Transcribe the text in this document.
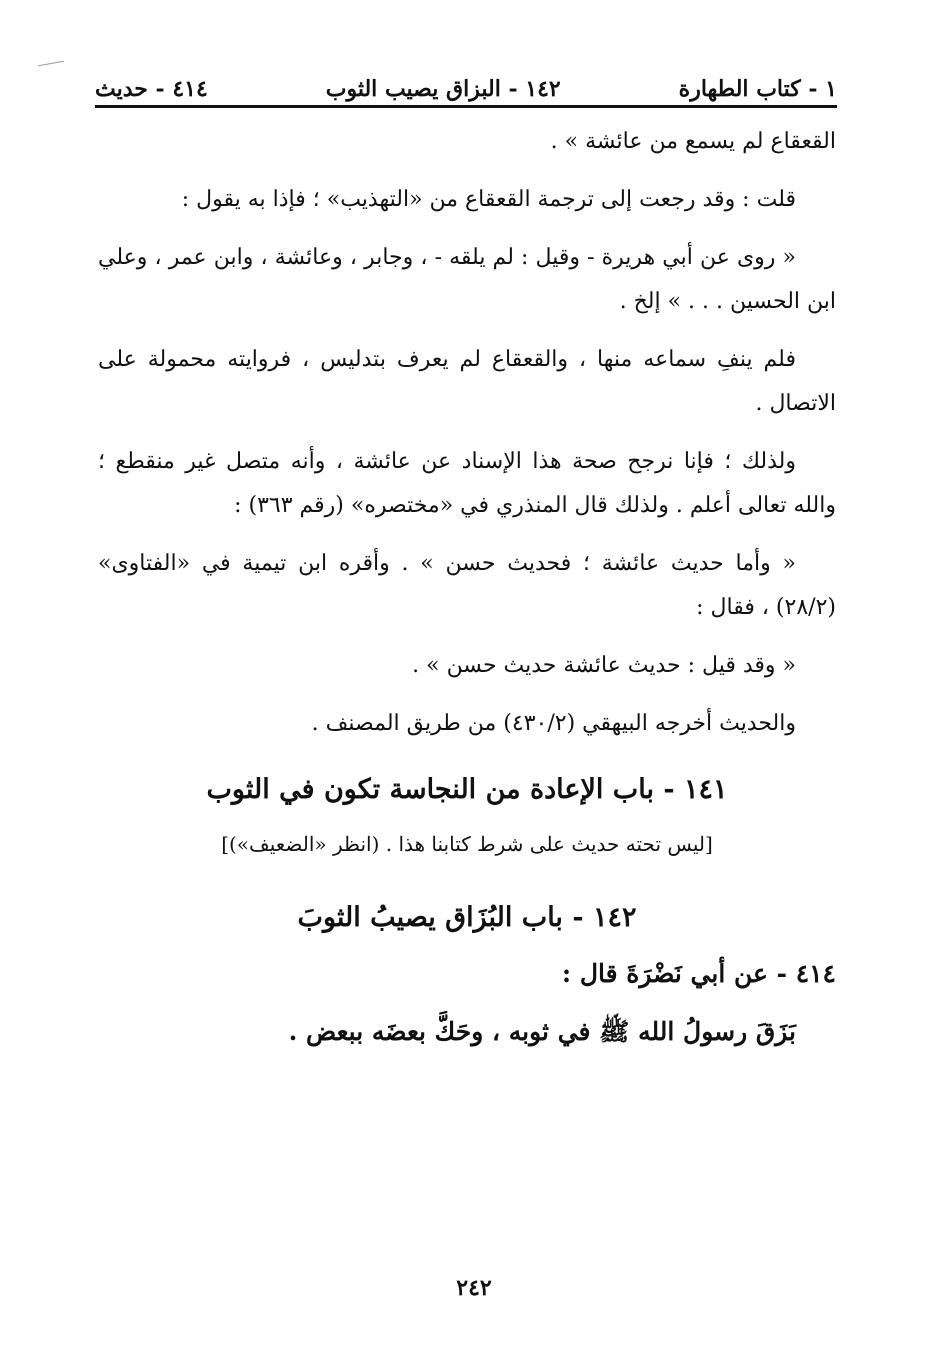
١ - كتاب الطهارة
١٤٢ - البزاق يصيب الثوب
٤١٤ - حديث

القعقاع لم يسمع من عائشة » .

قلت : وقد رجعت إلى ترجمة القعقاع من «التهذيب» ؛ فإذا به يقول :

« روى عن أبي هريرة - وقيل : لم يلقه - ، وجابر ، وعائشة ، وابن عمر ، وعلي ابن الحسين . . . » إلخ .

فلم ينفِ سماعه منها ، والقعقاع لم يعرف بتدليس ، فروايته محمولة على الاتصال .

ولذلك ؛ فإنا نرجح صحة هذا الإسناد عن عائشة ، وأنه متصل غير منقطع ؛ والله تعالى أعلم . ولذلك قال المنذري في «مختصره» (رقم ٣٦٣) :

« وأما حديث عائشة ؛ فحديث حسن » . وأقره ابن تيمية في «الفتاوى» (٢٨/٢) ، فقال :

« وقد قيل : حديث عائشة حديث حسن » .

والحديث أخرجه البيهقي (٤٣٠/٢) من طريق المصنف .

١٤١ - باب الإعادة من النجاسة تكون في الثوب

[ليس تحته حديث على شرط كتابنا هذا . (انظر «الضعيف»)]

١٤٢ - باب البُزَاق يصيبُ الثوبَ

٤١٤ - عن أبي نَضْرَةَ قال :

بَزَقَ رسولُ الله ﷺ في ثوبه ، وحَكَّ بعضَه ببعض .

٢٤٢
